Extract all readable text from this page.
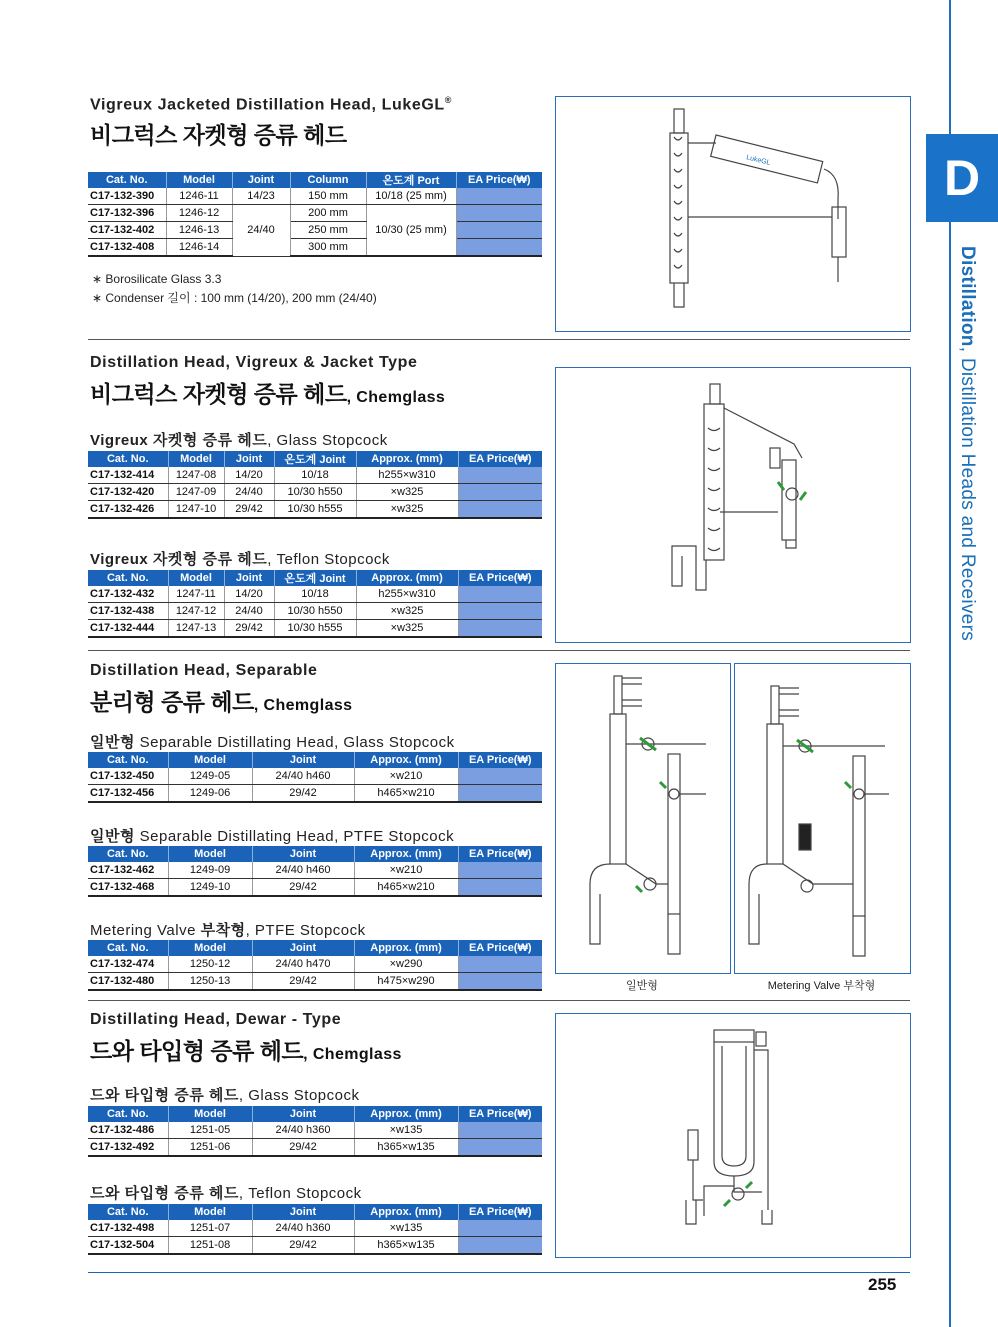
D
Distillation, Distillation Heads and Receivers
Vigreux Jacketed Distillation Head, LukeGL®
비그럭스 자켓형 증류 헤드
Cat. No.	Model	Joint	Column	온도계 Port	EA Price(₩)
C17-132-390	1246-11	14/23	150 mm	10/18 (25 mm)	
C17-132-396	1246-12	24/40	200 mm	10/30 (25 mm)	
C17-132-402	1246-13		250 mm		
C17-132-408	1246-14		300 mm		
∗ Borosilicate Glass 3.3
∗ Condenser 길이 : 100 mm (14/20), 200 mm (24/40)
LukeGL
Distillation Head, Vigreux & Jacket Type
비그럭스 자켓형 증류 헤드, Chemglass
Vigreux 자켓형 증류 헤드, Glass Stopcock
Cat. No.	Model	Joint	온도계 Joint	Approx. (mm)	EA Price(₩)
C17-132-414	1247-08	14/20	10/18	h255×w310	
C17-132-420	1247-09	24/40	10/30 h550	×w325	
C17-132-426	1247-10	29/42	10/30 h555	×w325	
Vigreux 자켓형 증류 헤드, Teflon Stopcock
Cat. No.	Model	Joint	온도계 Joint	Approx. (mm)	EA Price(₩)
C17-132-432	1247-11	14/20	10/18	h255×w310	
C17-132-438	1247-12	24/40	10/30 h550	×w325	
C17-132-444	1247-13	29/42	10/30 h555	×w325	
Distillation Head, Separable
분리형 증류 헤드, Chemglass
일반형 Separable Distillating Head, Glass Stopcock
Cat. No.	Model	Joint	Approx. (mm)	EA Price(₩)
C17-132-450	1249-05	24/40 h460	×w210	
C17-132-456	1249-06	29/42	h465×w210	
일반형 Separable Distillating Head, PTFE Stopcock
Cat. No.	Model	Joint	Approx. (mm)	EA Price(₩)
C17-132-462	1249-09	24/40 h460	×w210	
C17-132-468	1249-10	29/42	h465×w210	
Metering Valve 부착형, PTFE Stopcock
Cat. No.	Model	Joint	Approx. (mm)	EA Price(₩)
C17-132-474	1250-12	24/40 h470	×w290	
C17-132-480	1250-13	29/42	h475×w290		일반형	Metering Valve 부착형
Distillating Head, Dewar - Type
드와 타입형 증류 헤드, Chemglass
드와 타입형 증류 헤드, Glass Stopcock
Cat. No.	Model	Joint	Approx. (mm)	EA Price(₩)
C17-132-486	1251-05	24/40 h360	×w135	
C17-132-492	1251-06	29/42	h365×w135	
드와 타입형 증류 헤드, Teflon Stopcock
Cat. No.	Model	Joint	Approx. (mm)	EA Price(₩)
C17-132-498	1251-07	24/40 h360	×w135	
C17-132-504	1251-08	29/42	h365×w135	
255
